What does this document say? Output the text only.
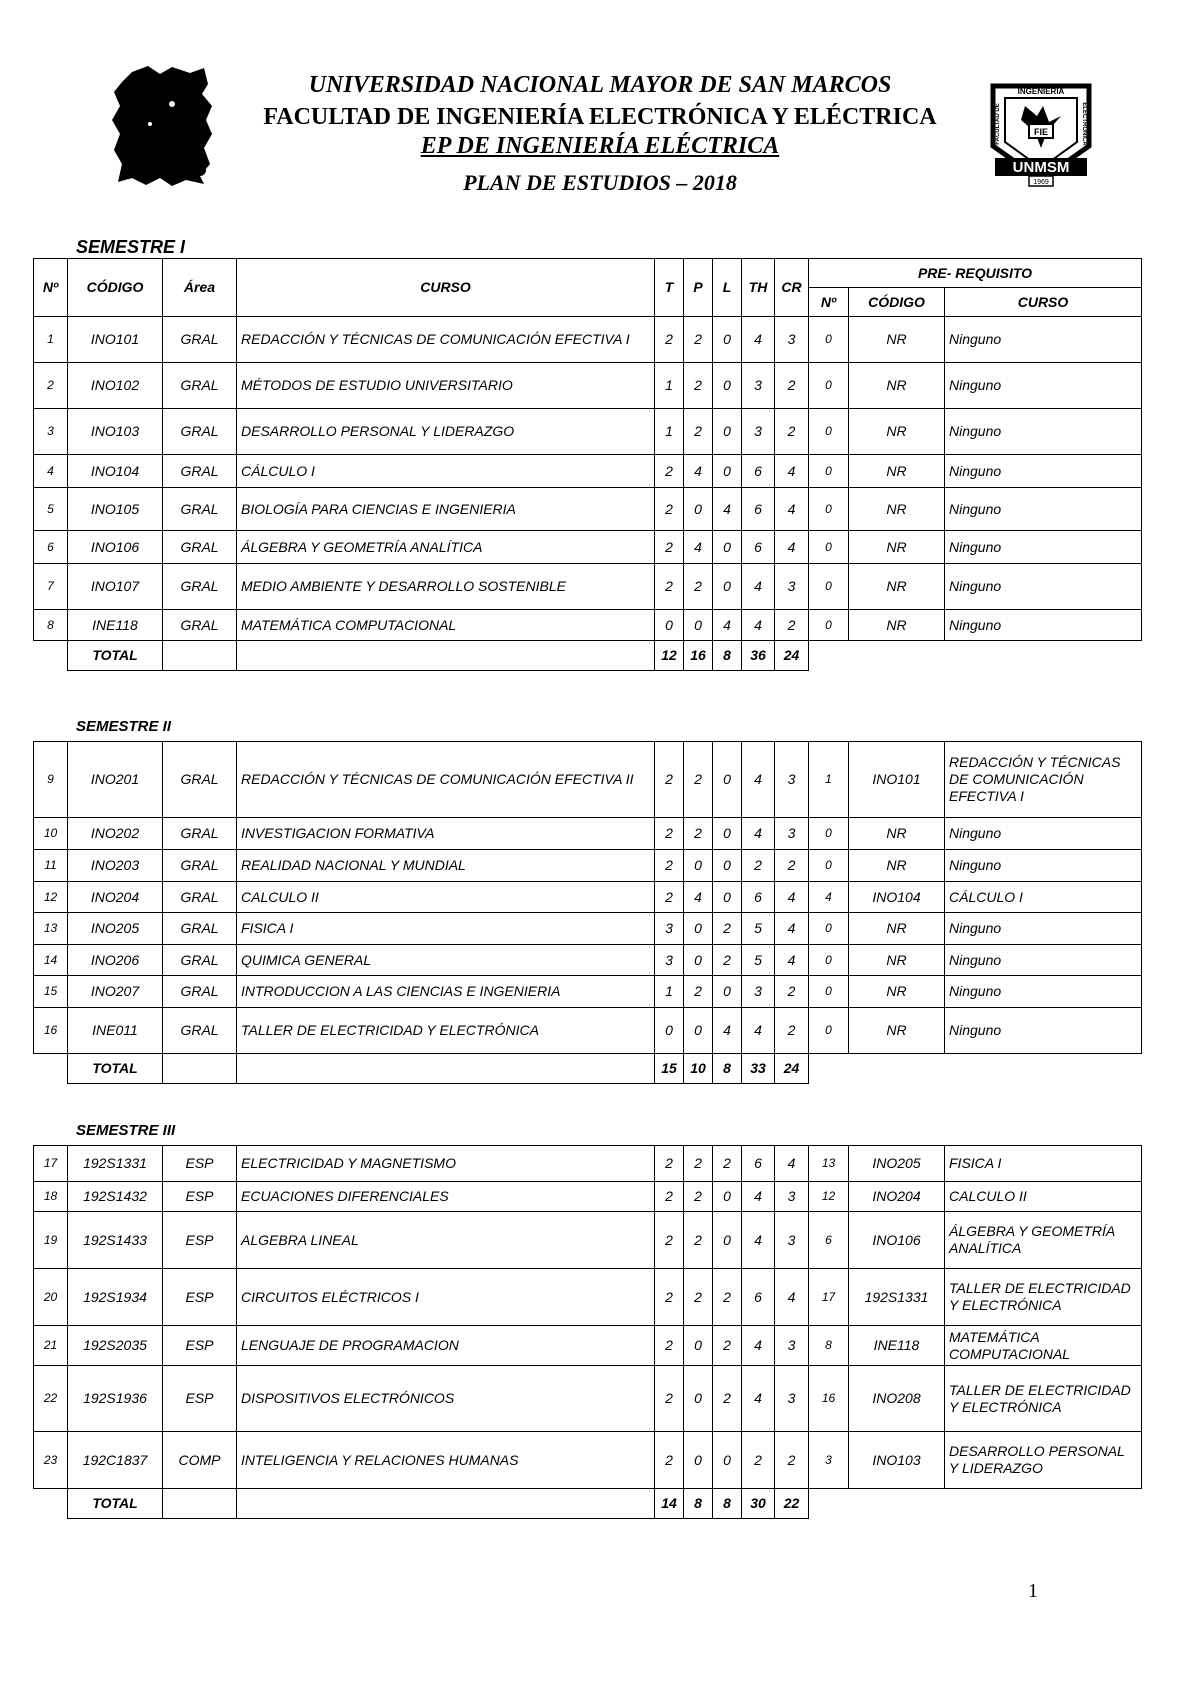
FIE
INGENIERIA
FACULTAD DE	ELECTRONICA
UNMSM
1969
UNIVERSIDAD NACIONAL MAYOR DE SAN MARCOS
FACULTAD DE INGENIERÍA ELECTRÓNICA Y ELÉCTRICA
EP DE INGENIERÍA ELÉCTRICA
PLAN DE ESTUDIOS – 2018
SEMESTRE I
SEMESTRE II
SEMESTRE III
Nº	CÓDIGO	Área	CURSO	T	P	L	TH	CR	PRE- REQUISITO		
									Nº	CÓDIGO	CURSO
1	INO101	GRAL	REDACCIÓN Y TÉCNICAS DE COMUNICACIÓN EFECTIVA I	2	2	0	4	3	0	NR	Ninguno
2	INO102	GRAL	MÉTODOS DE ESTUDIO UNIVERSITARIO	1	2	0	3	2	0	NR	Ninguno
3	INO103	GRAL	DESARROLLO PERSONAL Y LIDERAZGO	1	2	0	3	2	0	NR	Ninguno
4	INO104	GRAL	CÁLCULO I	2	4	0	6	4	0	NR	Ninguno
5	INO105	GRAL	BIOLOGÍA PARA CIENCIAS E INGENIERIA	2	0	4	6	4	0	NR	Ninguno
6	INO106	GRAL	ÁLGEBRA Y GEOMETRÍA ANALÍTICA	2	4	0	6	4	0	NR	Ninguno
7	INO107	GRAL	MEDIO AMBIENTE Y DESARROLLO SOSTENIBLE	2	2	0	4	3	0	NR	Ninguno
8	INE118	GRAL	MATEMÁTICA COMPUTACIONAL	0	0	4	4	2	0	NR	Ninguno
	TOTAL			12	16	8	36	24			
9	INO201	GRAL	REDACCIÓN Y TÉCNICAS DE COMUNICACIÓN EFECTIVA II	2	2	0	4	3	1	INO101	REDACCIÓN Y TÉCNICAS DE COMUNICACIÓN EFECTIVA I
10	INO202	GRAL	INVESTIGACION FORMATIVA	2	2	0	4	3	0	NR	Ninguno
11	INO203	GRAL	REALIDAD NACIONAL Y MUNDIAL	2	0	0	2	2	0	NR	Ninguno
12	INO204	GRAL	CALCULO II	2	4	0	6	4	4	INO104	CÁLCULO I
13	INO205	GRAL	FISICA I	3	0	2	5	4	0	NR	Ninguno
14	INO206	GRAL	QUIMICA GENERAL	3	0	2	5	4	0	NR	Ninguno
15	INO207	GRAL	INTRODUCCION A LAS CIENCIAS E INGENIERIA	1	2	0	3	2	0	NR	Ninguno
16	INE011	GRAL	TALLER DE ELECTRICIDAD Y ELECTRÓNICA	0	0	4	4	2	0	NR	Ninguno
	TOTAL			15	10	8	33	24			
17	192S1331	ESP	ELECTRICIDAD Y MAGNETISMO	2	2	2	6	4	13	INO205	FISICA I
18	192S1432	ESP	ECUACIONES DIFERENCIALES	2	2	0	4	3	12	INO204	CALCULO II
19	192S1433	ESP	ALGEBRA LINEAL	2	2	0	4	3	6	INO106	ÁLGEBRA Y GEOMETRÍA ANALÍTICA
20	192S1934	ESP	CIRCUITOS ELÉCTRICOS I	2	2	2	6	4	17	192S1331	TALLER DE ELECTRICIDAD Y ELECTRÓNICA
21	192S2035	ESP	LENGUAJE DE PROGRAMACION	2	0	2	4	3	8	INE118	MATEMÁTICA COMPUTACIONAL
22	192S1936	ESP	DISPOSITIVOS ELECTRÓNICOS	2	0	2	4	3	16	INO208	TALLER DE ELECTRICIDAD Y ELECTRÓNICA
23	192C1837	COMP	INTELIGENCIA Y RELACIONES HUMANAS	2	0	0	2	2	3	INO103	DESARROLLO PERSONAL Y LIDERAZGO
	TOTAL			14	8	8	30	22			
1
